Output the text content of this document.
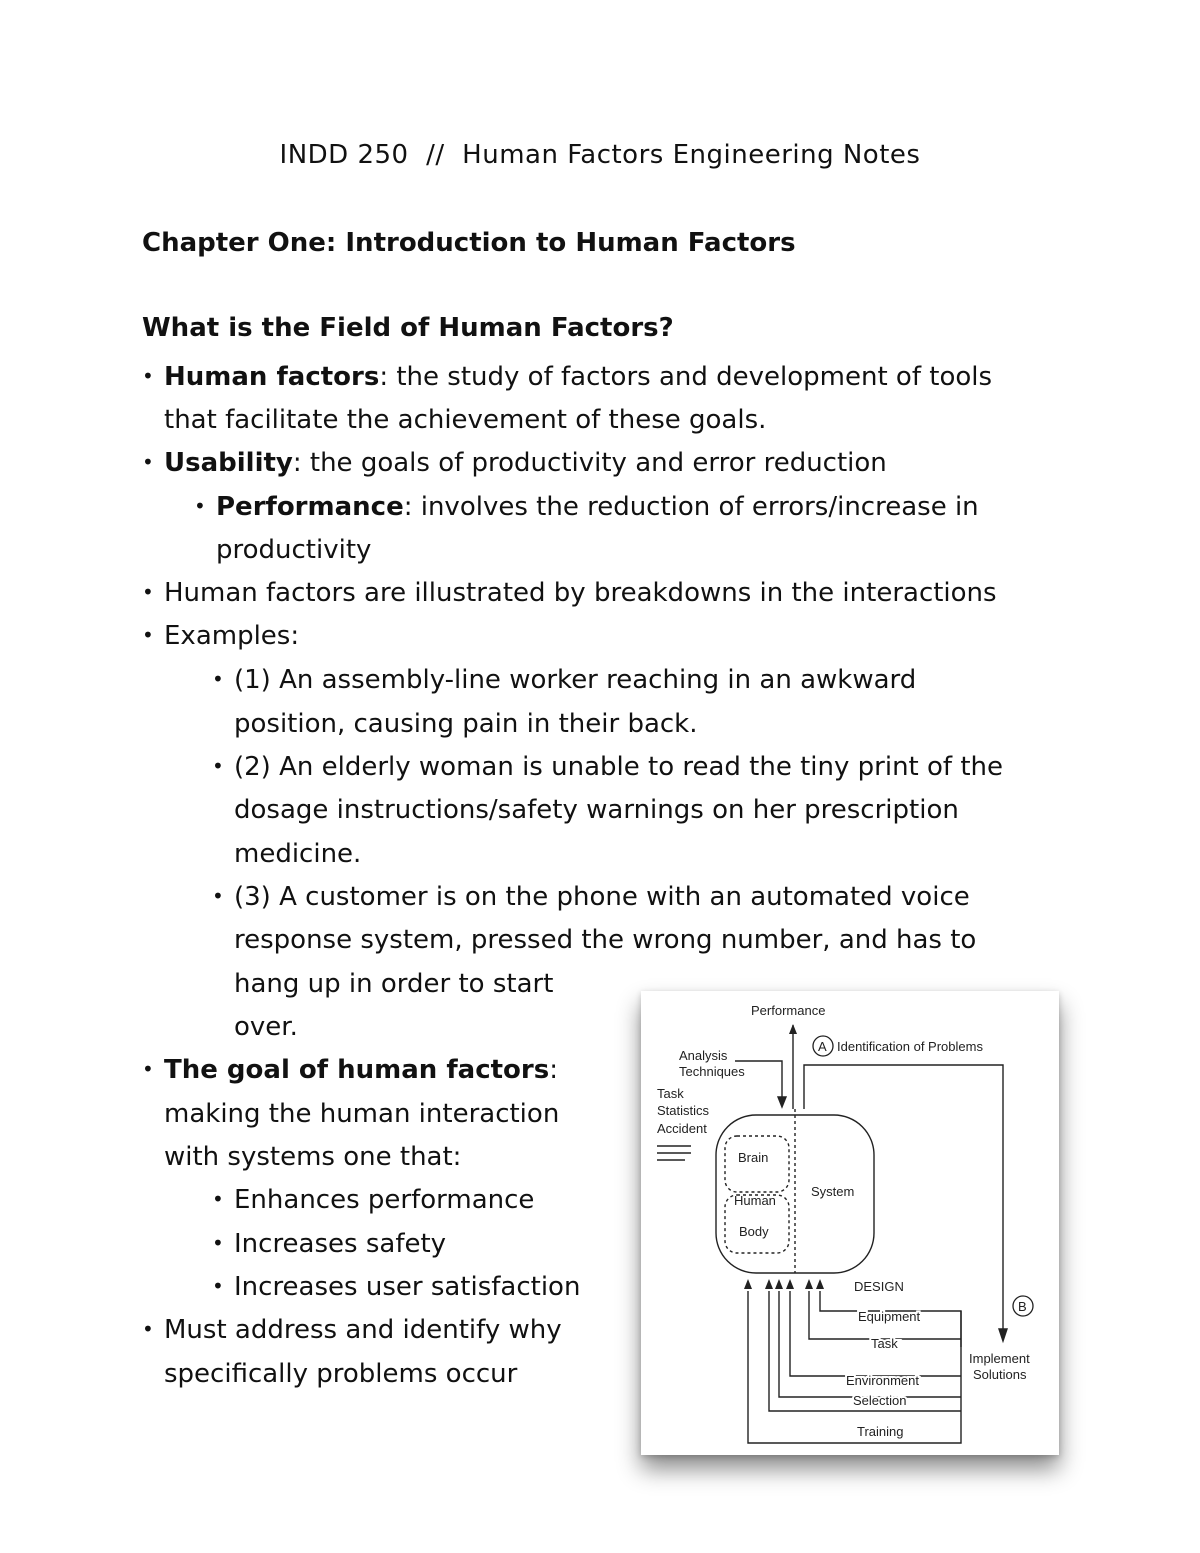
INDD 250  //  Human Factors Engineering Notes
Chapter One: Introduction to Human Factors
What is the Field of Human Factors?
• Human factors: the study of factors and development of tools
that facilitate the achievement of these goals.
• Usability: the goals of productivity and error reduction
• Performance: involves the reduction of errors/increase in
productivity
• Human factors are illustrated by breakdowns in the interactions
• Examples:
• (1) An assembly-line worker reaching in an awkward
position, causing pain in their back.
• (2) An elderly woman is unable to read the tiny print of the
dosage instructions/safety warnings on her prescription
medicine.
• (3) A customer is on the phone with an automated voice
response system, pressed the wrong number, and has to
hang up in order to start
over.
• The goal of human factors:
making the human interaction
with systems one that:
• Enhances performance
• Increases safety
• Increases user satisfaction
• Must address and identify why
specifically problems occur
Performance
A Identification of Problems
Analysis
Techniques
Task
Statistics
Accident
Brain
Human
Body
System
DESIGN
B
Equipment
Task
Environment
Selection
Training
Implement
Solutions
